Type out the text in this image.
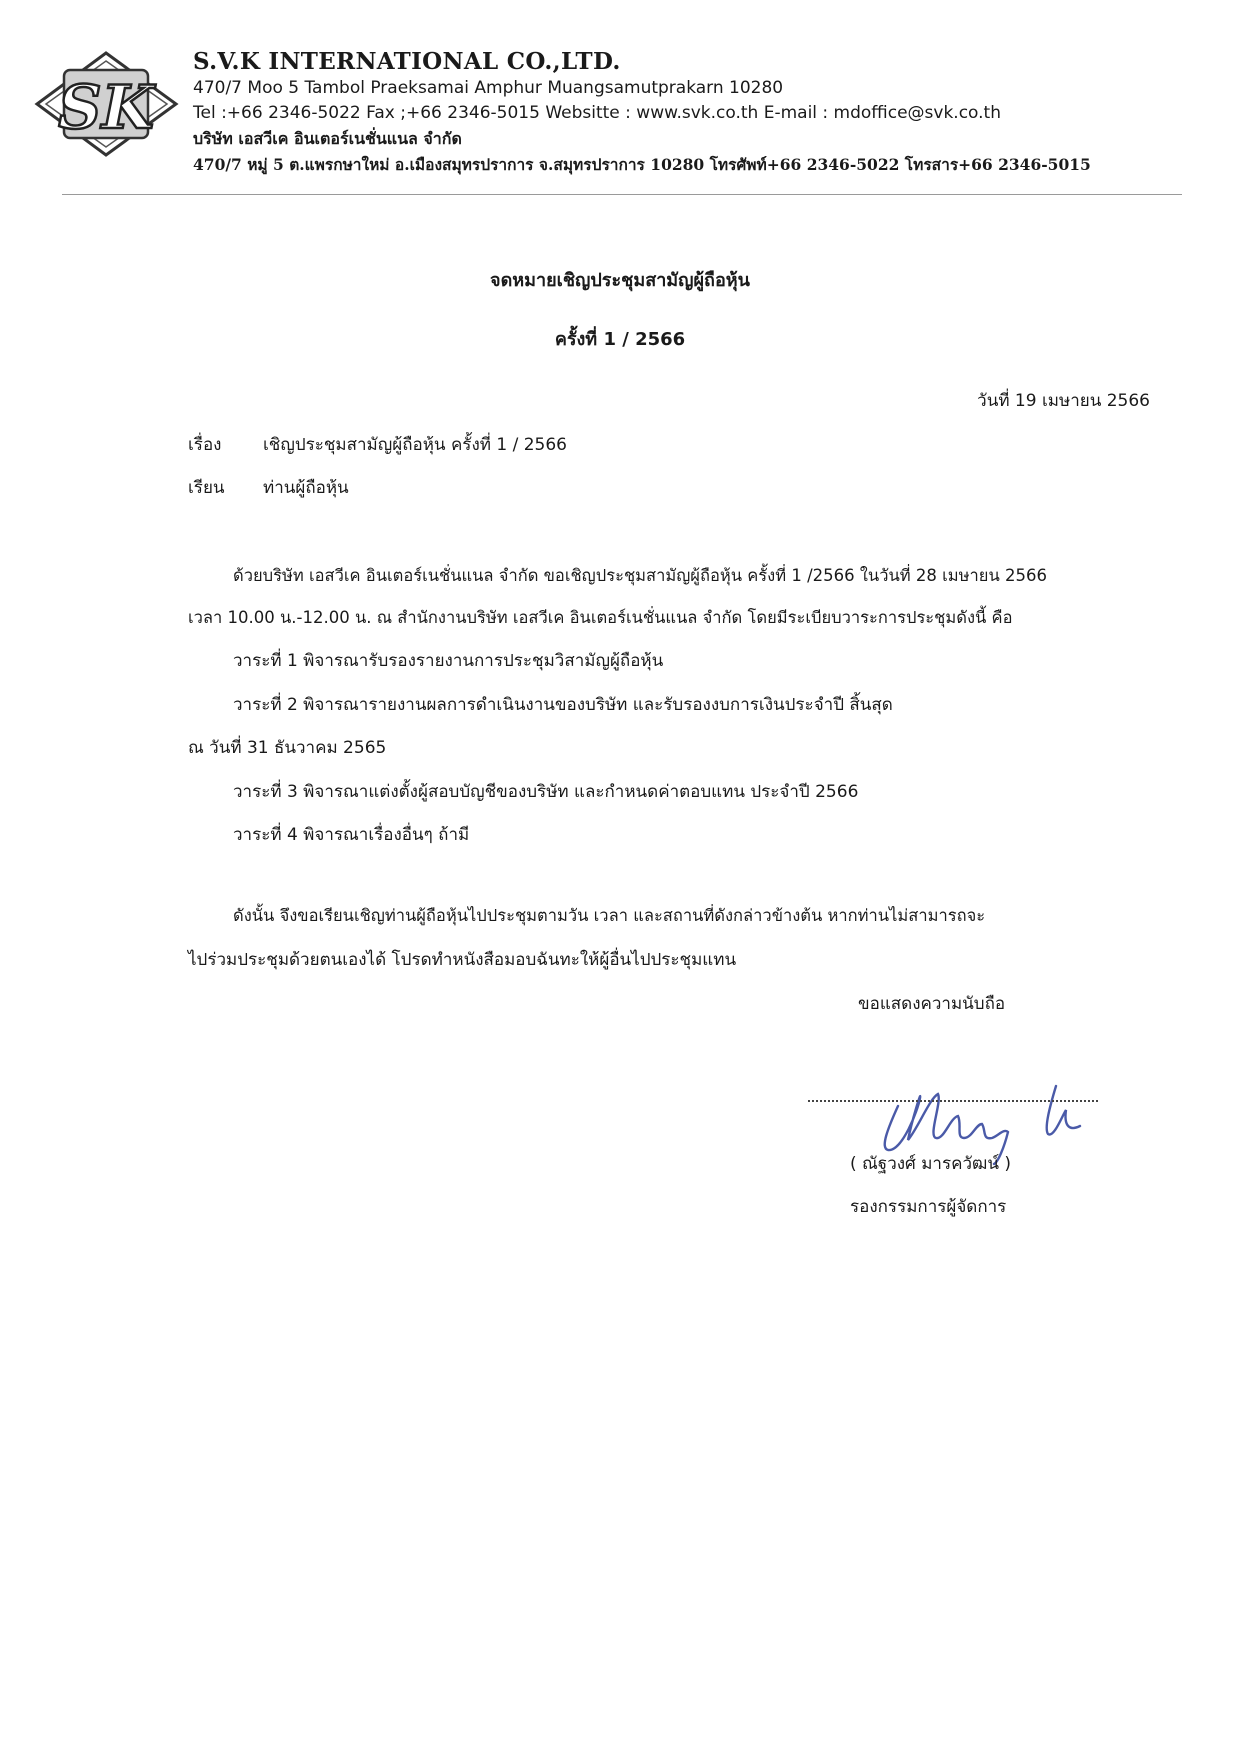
SK
S.V.K INTERNATIONAL CO.,LTD.
470/7 Moo 5 Tambol Praeksamai Amphur Muangsamutprakarn 10280
Tel :+66 2346-5022 Fax ;+66 2346-5015 Websitte : www.svk.co.th E-mail : mdoffice@svk.co.th
บริษัท เอสวีเค อินเตอร์เนชั่นแนล จำกัด
470/7 หมู่ 5 ต.แพรกษาใหม่ อ.เมืองสมุทรปราการ จ.สมุทรปราการ 10280 โทรศัพท์+66 2346-5022 โทรสาร+66 2346-5015
จดหมายเชิญประชุมสามัญผู้ถือหุ้น
ครั้งที่ 1 / 2566
วันที่ 19 เมษายน 2566
เรื่อง เชิญประชุมสามัญผู้ถือหุ้น ครั้งที่ 1 / 2566
เรียน ท่านผู้ถือหุ้น
ด้วยบริษัท เอสวีเค อินเตอร์เนชั่นแนล จำกัด ขอเชิญประชุมสามัญผู้ถือหุ้น ครั้งที่ 1 /2566 ในวันที่ 28 เมษายน 2566
เวลา 10.00 น.-12.00 น. ณ สำนักงานบริษัท เอสวีเค อินเตอร์เนชั่นแนล จำกัด โดยมีระเบียบวาระการประชุมดังนี้ คือ
วาระที่ 1 พิจารณารับรองรายงานการประชุมวิสามัญผู้ถือหุ้น
วาระที่ 2 พิจารณารายงานผลการดำเนินงานของบริษัท และรับรองงบการเงินประจำปี สิ้นสุด
ณ วันที่ 31 ธันวาคม 2565
วาระที่ 3 พิจารณาแต่งตั้งผู้สอบบัญชีของบริษัท และกำหนดค่าตอบแทน ประจำปี 2566
วาระที่ 4 พิจารณาเรื่องอื่นๆ ถ้ามี
ดังนั้น จึงขอเรียนเชิญท่านผู้ถือหุ้นไปประชุมตามวัน เวลา และสถานที่ดังกล่าวข้างต้น หากท่านไม่สามารถจะ
ไปร่วมประชุมด้วยตนเองได้ โปรดทำหนังสือมอบฉันทะให้ผู้อื่นไปประชุมแทน
ขอแสดงความนับถือ
( ณัฐวงศ์ มารควัฒน์ )
รองกรรมการผู้จัดการ
